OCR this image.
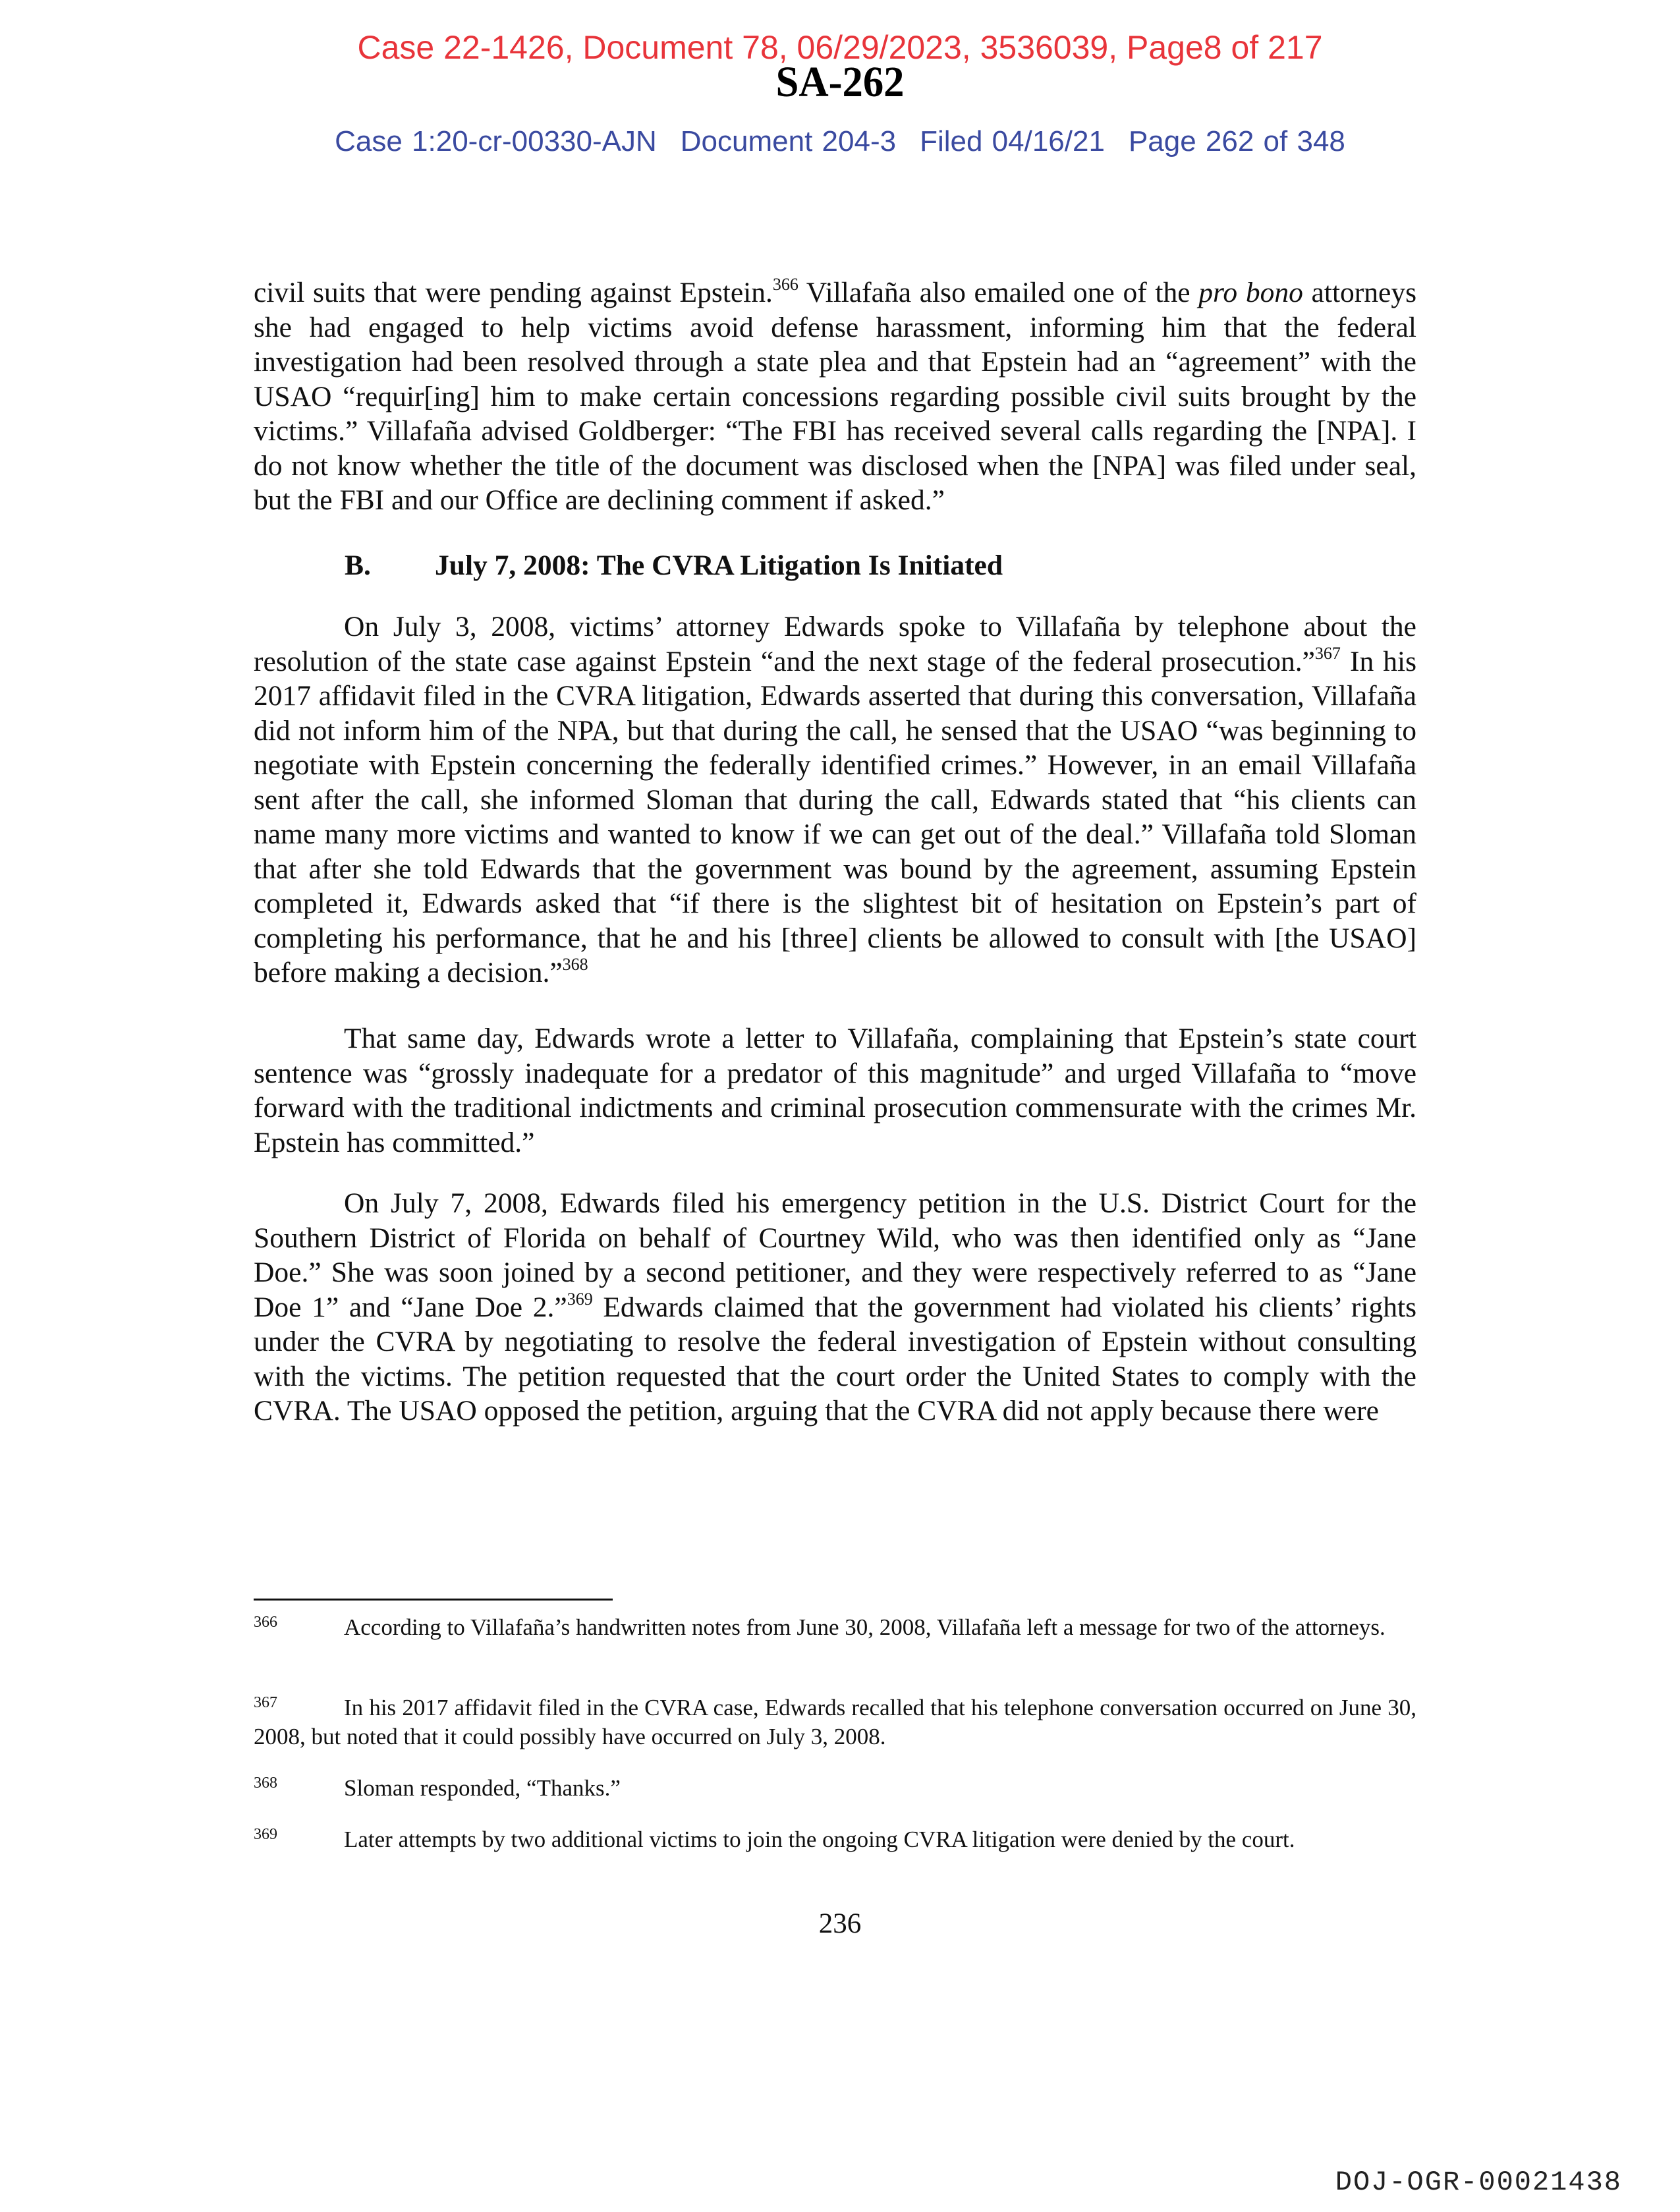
Case 22-1426, Document 78, 06/29/2023, 3536039, Page8 of 217
SA-262
Case 1:20-cr-00330-AJN Document 204-3 Filed 04/16/21 Page 262 of 348

civil suits that were pending against Epstein.$^{366}$ Villafaña also emailed one of the pro bono attorneys she had engaged to help victims avoid defense harassment, informing him that the federal investigation had been resolved through a state plea and that Epstein had an “agreement” with the USAO “requir[ing] him to make certain concessions regarding possible civil suits brought by the victims.” Villafaña advised Goldberger: “The FBI has received several calls regarding the [NPA]. I do not know whether the title of the document was disclosed when the [NPA] was filed under seal, but the FBI and our Office are declining comment if asked.”

B. July 7, 2008: The CVRA Litigation Is Initiated

On July 3, 2008, victims’ attorney Edwards spoke to Villafaña by telephone about the resolution of the state case against Epstein “and the next stage of the federal prosecution.”$^{367}$ In his 2017 affidavit filed in the CVRA litigation, Edwards asserted that during this conversation, Villafaña did not inform him of the NPA, but that during the call, he sensed that the USAO “was beginning to negotiate with Epstein concerning the federally identified crimes.” However, in an email Villafaña sent after the call, she informed Sloman that during the call, Edwards stated that “his clients can name many more victims and wanted to know if we can get out of the deal.” Villafaña told Sloman that after she told Edwards that the government was bound by the agreement, assuming Epstein completed it, Edwards asked that “if there is the slightest bit of hesitation on Epstein’s part of completing his performance, that he and his [three] clients be allowed to consult with [the USAO] before making a decision.”$^{368}$

That same day, Edwards wrote a letter to Villafaña, complaining that Epstein’s state court sentence was “grossly inadequate for a predator of this magnitude” and urged Villafaña to “move forward with the traditional indictments and criminal prosecution commensurate with the crimes Mr. Epstein has committed.”

On July 7, 2008, Edwards filed his emergency petition in the U.S. District Court for the Southern District of Florida on behalf of Courtney Wild, who was then identified only as “Jane Doe.” She was soon joined by a second petitioner, and they were respectively referred to as “Jane Doe 1” and “Jane Doe 2.”$^{369}$ Edwards claimed that the government had violated his clients’ rights under the CVRA by negotiating to resolve the federal investigation of Epstein without consulting with the victims. The petition requested that the court order the United States to comply with the CVRA. The USAO opposed the petition, arguing that the CVRA did not apply because there were

366	According to Villafaña’s handwritten notes from June 30, 2008, Villafaña left a message for two of the attorneys.

367	In his 2017 affidavit filed in the CVRA case, Edwards recalled that his telephone conversation occurred on June 30, 2008, but noted that it could possibly have occurred on July 3, 2008.

368	Sloman responded, “Thanks.”

369	Later attempts by two additional victims to join the ongoing CVRA litigation were denied by the court.

236
DOJ-OGR-00021438
